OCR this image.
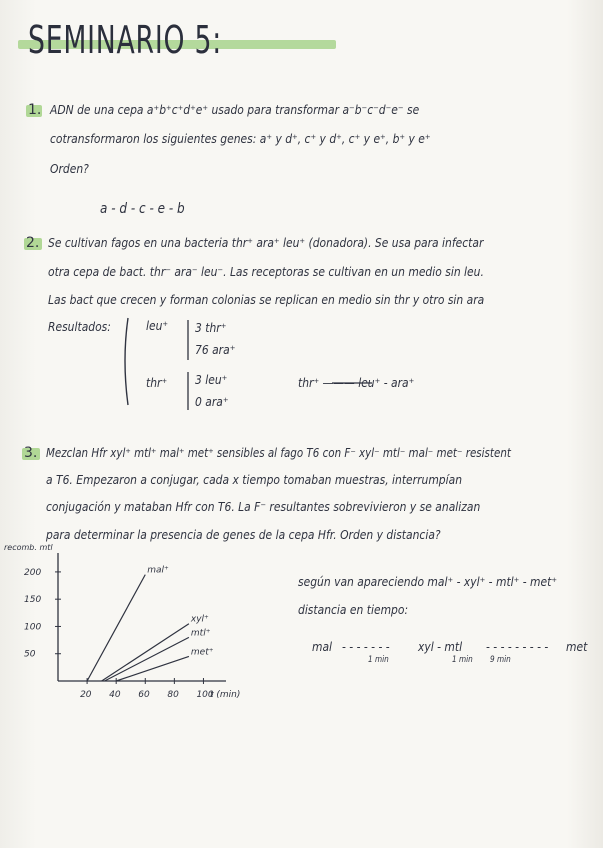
SEMINARIO 5:
1. ADN de una cepa a⁺b⁺c⁺d⁺e⁺ usado para transformar a⁻b⁻c⁻d⁻e⁻ se
cotransformaron los siguientes genes: a⁺ y d⁺, c⁺ y d⁺, c⁺ y e⁺, b⁺ y e⁺
Orden?
a - d - c - e - b
2. Se cultivan fagos en una bacteria thr⁺ ara⁺ leu⁺ (donadora). Se usa para infectar
otra cepa de bact. thr⁻ ara⁻ leu⁻. Las receptoras se cultivan en un medio sin leu.
Las bact que crecen y forman colonias se replican en medio sin thr y otro sin ara
Resultados:	leu⁺ 3 thr⁺
76 ara⁺
thr⁺ 3 leu⁺
0 ara⁺
thr⁺ ——— leu⁺ - ara⁺
3. Mezclan Hfr xyl⁺ mtl⁺ mal⁺ met⁺ sensibles al fago T6 con F⁻ xyl⁻ mtl⁻ mal⁻ met⁻ resistent
a T6. Empezaron a conjugar, cada x tiempo tomaban muestras, interrumpían
conjugación y mataban Hfr con T6. La F⁻ resultantes sobrevivieron y se analizan
para determinar la presencia de genes de la cepa Hfr. Orden y distancia?
según van apareciendo mal⁺ - xyl⁺ - mtl⁺ - met⁺
distancia en tiempo:
mal - - - - - - - xyl - mtl - - - - - - - - - met
1 min	1 min 9 min
recomb. mtl
50
100
150
200
20 40 60 80 100
t (min)
mal⁺
xyl⁺
mtl⁺
met⁺
